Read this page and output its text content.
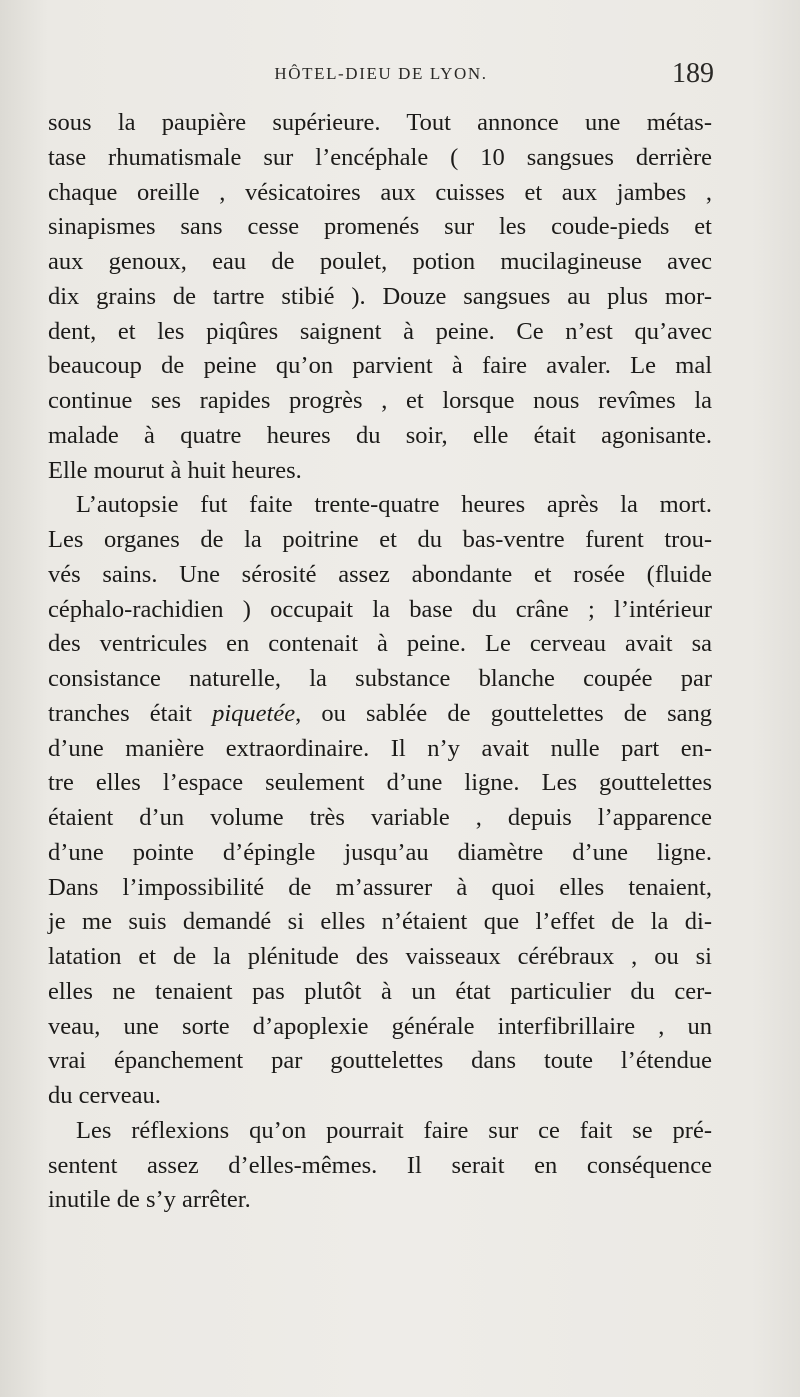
HÔTEL-DIEU DE LYON.	189
sous la paupière supérieure. Tout annonce une métas-
tase rhumatismale sur l’encéphale ( 10 sangsues derrière
chaque oreille , vésicatoires aux cuisses et aux jambes ,
sinapismes sans cesse promenés sur les coude-pieds et
aux genoux, eau de poulet, potion mucilagineuse avec
dix grains de tartre stibié ). Douze sangsues au plus mor-
dent, et les piqûres saignent à peine. Ce n’est qu’avec
beaucoup de peine qu’on parvient à faire avaler. Le mal
continue ses rapides progrès , et lorsque nous revîmes la
malade à quatre heures du soir, elle était agonisante.
Elle mourut à huit heures.
L’autopsie fut faite trente-quatre heures après la mort.
Les organes de la poitrine et du bas-ventre furent trou-
vés sains. Une sérosité assez abondante et rosée (fluide
céphalo-rachidien ) occupait la base du crâne ; l’intérieur
des ventricules en contenait à peine. Le cerveau avait sa
consistance naturelle, la substance blanche coupée par
tranches était piquetée, ou sablée de gouttelettes de sang
d’une manière extraordinaire. Il n’y avait nulle part en-
tre elles l’espace seulement d’une ligne. Les gouttelettes
étaient d’un volume très variable , depuis l’apparence
d’une pointe d’épingle jusqu’au diamètre d’une ligne.
Dans l’impossibilité de m’assurer à quoi elles tenaient,
je me suis demandé si elles n’étaient que l’effet de la di-
latation et de la plénitude des vaisseaux cérébraux , ou si
elles ne tenaient pas plutôt à un état particulier du cer-
veau, une sorte d’apoplexie générale interfibrillaire , un
vrai épanchement par gouttelettes dans toute l’étendue
du cerveau.
Les réflexions qu’on pourrait faire sur ce fait se pré-
sentent assez d’elles-mêmes. Il serait en conséquence
inutile de s’y arrêter.
